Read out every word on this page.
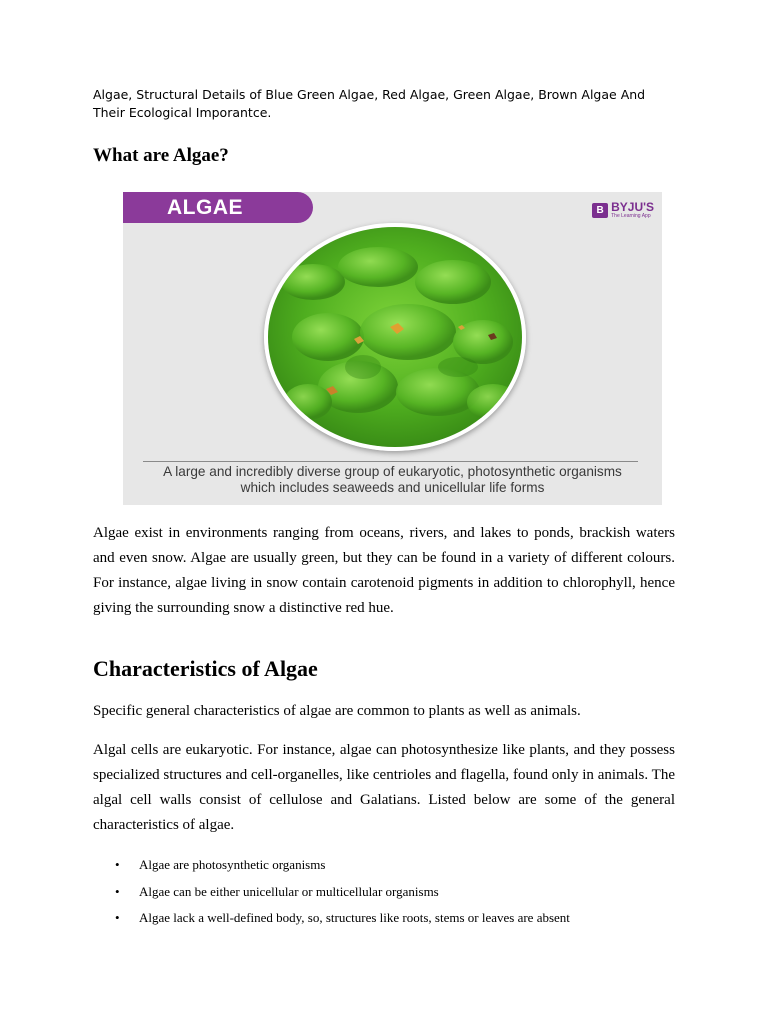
Algae, Structural Details of Blue Green Algae, Red Algae, Green Algae, Brown Algae And Their Ecological Imporantce.

What are Algae?
ALGAE	B BYJU'S
The Learning App
A large and incredibly diverse group of eukaryotic, photosynthetic organisms
which includes seaweeds and unicellular life forms

Algae exist in environments ranging from oceans, rivers, and lakes to ponds, brackish waters and even snow. Algae are usually green, but they can be found in a variety of different colours. For instance, algae living in snow contain carotenoid pigments in addition to chlorophyll, hence giving the surrounding snow a distinctive red hue.

Characteristics of Algae

Specific general characteristics of algae are common to plants as well as animals.

Algal cells are eukaryotic. For instance, algae can photosynthesize like plants, and they possess specialized structures and cell-organelles, like centrioles and flagella, found only in animals. The algal cell walls consist of cellulose and Galatians. Listed below are some of the general characteristics of algae.

• Algae are photosynthetic organisms
• Algae can be either unicellular or multicellular organisms
• Algae lack a well-defined body, so, structures like roots, stems or leaves are absent
